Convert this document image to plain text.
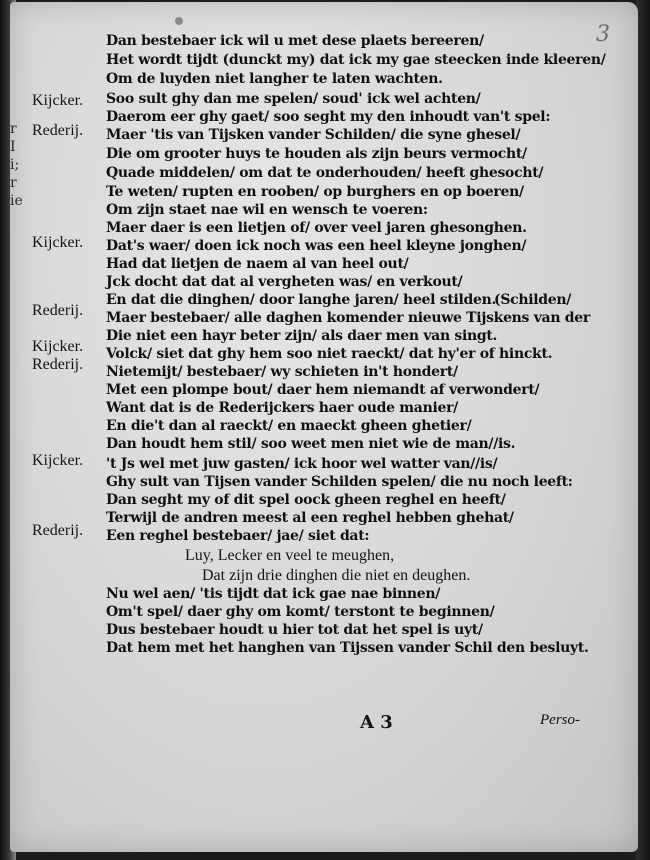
3
r
I
i;
r
ie
Kijcker.
Rederij.
Kijcker.
Rederij.
Kijcker.
Rederij.
Kijcker.
Rederij.
Dan bestebaer ick wil u met dese plaets bereeren/
Het wordt tijdt (dunckt my) dat ick my gae steecken inde kleeren/
Om de luyden niet langher te laten wachten.
Soo sult ghy dan me spelen/ soud' ick wel achten/
Daerom eer ghy gaet/ soo seght my den inhoudt van't spel:
Maer 'tis van Tijsken vander Schilden/ die syne ghesel/
Die om grooter huys te houden als zijn beurs vermocht/
Quade middelen/ om dat te onderhouden/ heeft ghesocht/
Te weten/ rupten en rooben/ op burghers en op boeren/
Om zijn staet nae wil en wensch te voeren:
Maer daer is een lietjen of/ over veel jaren ghesonghen.
Dat's waer/ doen ick noch was een heel kleyne jonghen/
Had dat lietjen de naem al van heel out/
Jck docht dat dat al vergheten was/ en verkout/
En dat die dinghen/ door langhe jaren/ heel stilden.
(Schilden/
Maer bestebaer/ alle daghen komender nieuwe Tijskens van der
Die niet een hayr beter zijn/ als daer men van singt.
Volck/ siet dat ghy hem soo niet raeckt/ dat hy'er of hinckt.
Nietemijt/ bestebaer/ wy schieten in't hondert/
Met een plompe bout/ daer hem niemandt af verwondert/
Want dat is de Rederijckers haer oude manier/
En die't dan al raeckt/ en maeckt gheen ghetier/
Dan houdt hem stil/ soo weet men niet wie de man//is.
't Js wel met juw gasten/ ick hoor wel watter van//is/
Ghy sult van Tijsen vander Schilden spelen/ die nu noch leeft:
Dan seght my of dit spel oock gheen reghel en heeft/
Terwijl de andren meest al een reghel hebben ghehat/
Een reghel bestebaer/ jae/ siet dat:
Luy, Lecker en veel te meughen,
Dat zijn drie dinghen die niet en deughen.
Nu wel aen/ 'tis tijdt dat ick gae nae binnen/
Om't spel/ daer ghy om komt/ terstont te beginnen/
Dus bestebaer houdt u hier tot dat het spel is uyt/
Dat hem met het hanghen van Tijssen vander Schil den besluyt.
A 3	Perso-
